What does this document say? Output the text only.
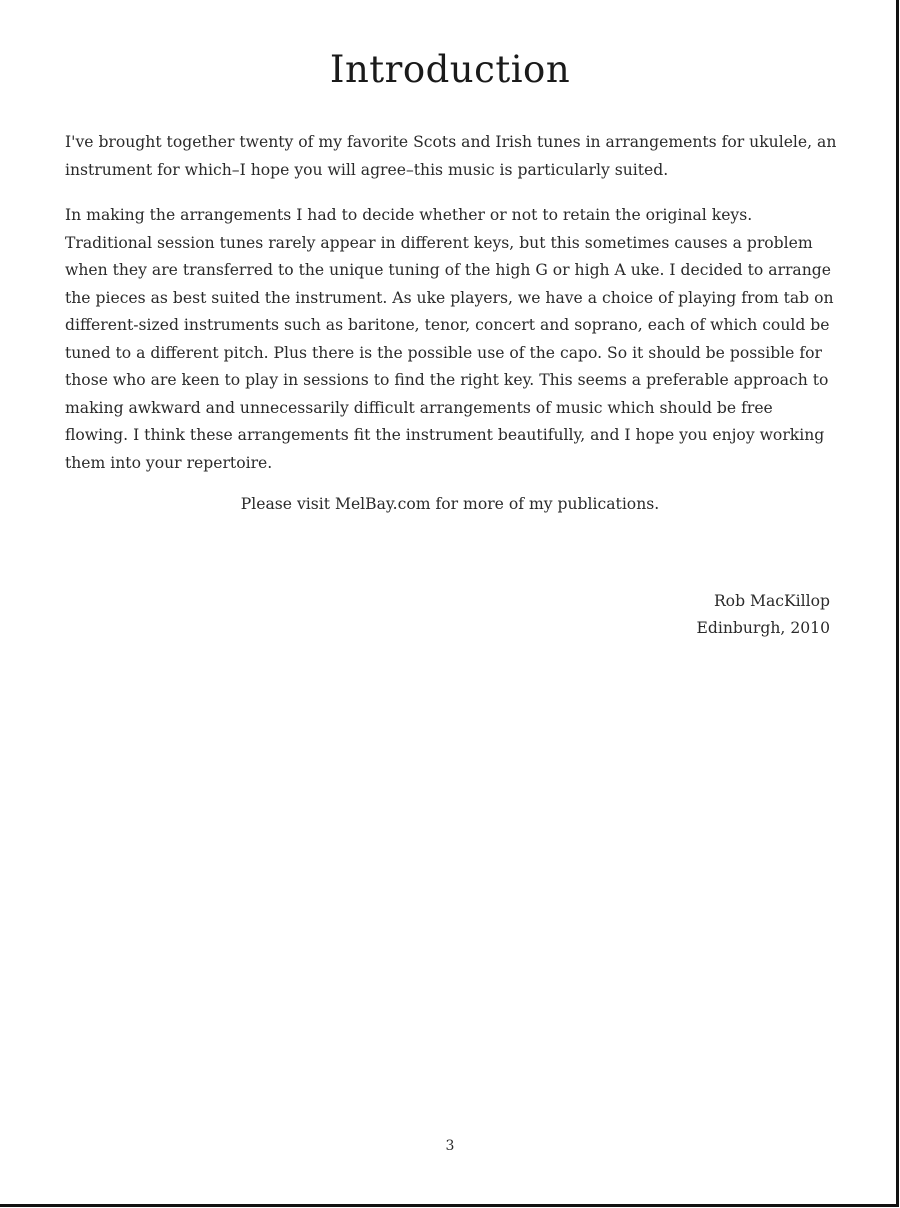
Introduction

I've brought together twenty of my favorite Scots and Irish tunes in arrangements for ukulele, an instrument for which–I hope you will agree–this music is particularly suited.

In making the arrangements I had to decide whether or not to retain the original keys. Traditional session tunes rarely appear in different keys, but this sometimes causes a problem when they are transferred to the unique tuning of the high G or high A uke. I decided to arrange the pieces as best suited the instrument. As uke players, we have a choice of playing from tab on different-sized instruments such as baritone, tenor, concert and soprano, each of which could be tuned to a different pitch. Plus there is the possible use of the capo. So it should be possible for those who are keen to play in sessions to find the right key. This seems a preferable approach to making awkward and unnecessarily difficult arrangements of music which should be free flowing. I think these arrangements fit the instrument beautifully, and I hope you enjoy working them into your repertoire.

Please visit MelBay.com for more of my publications.

Rob MacKillop
Edinburgh, 2010
3
